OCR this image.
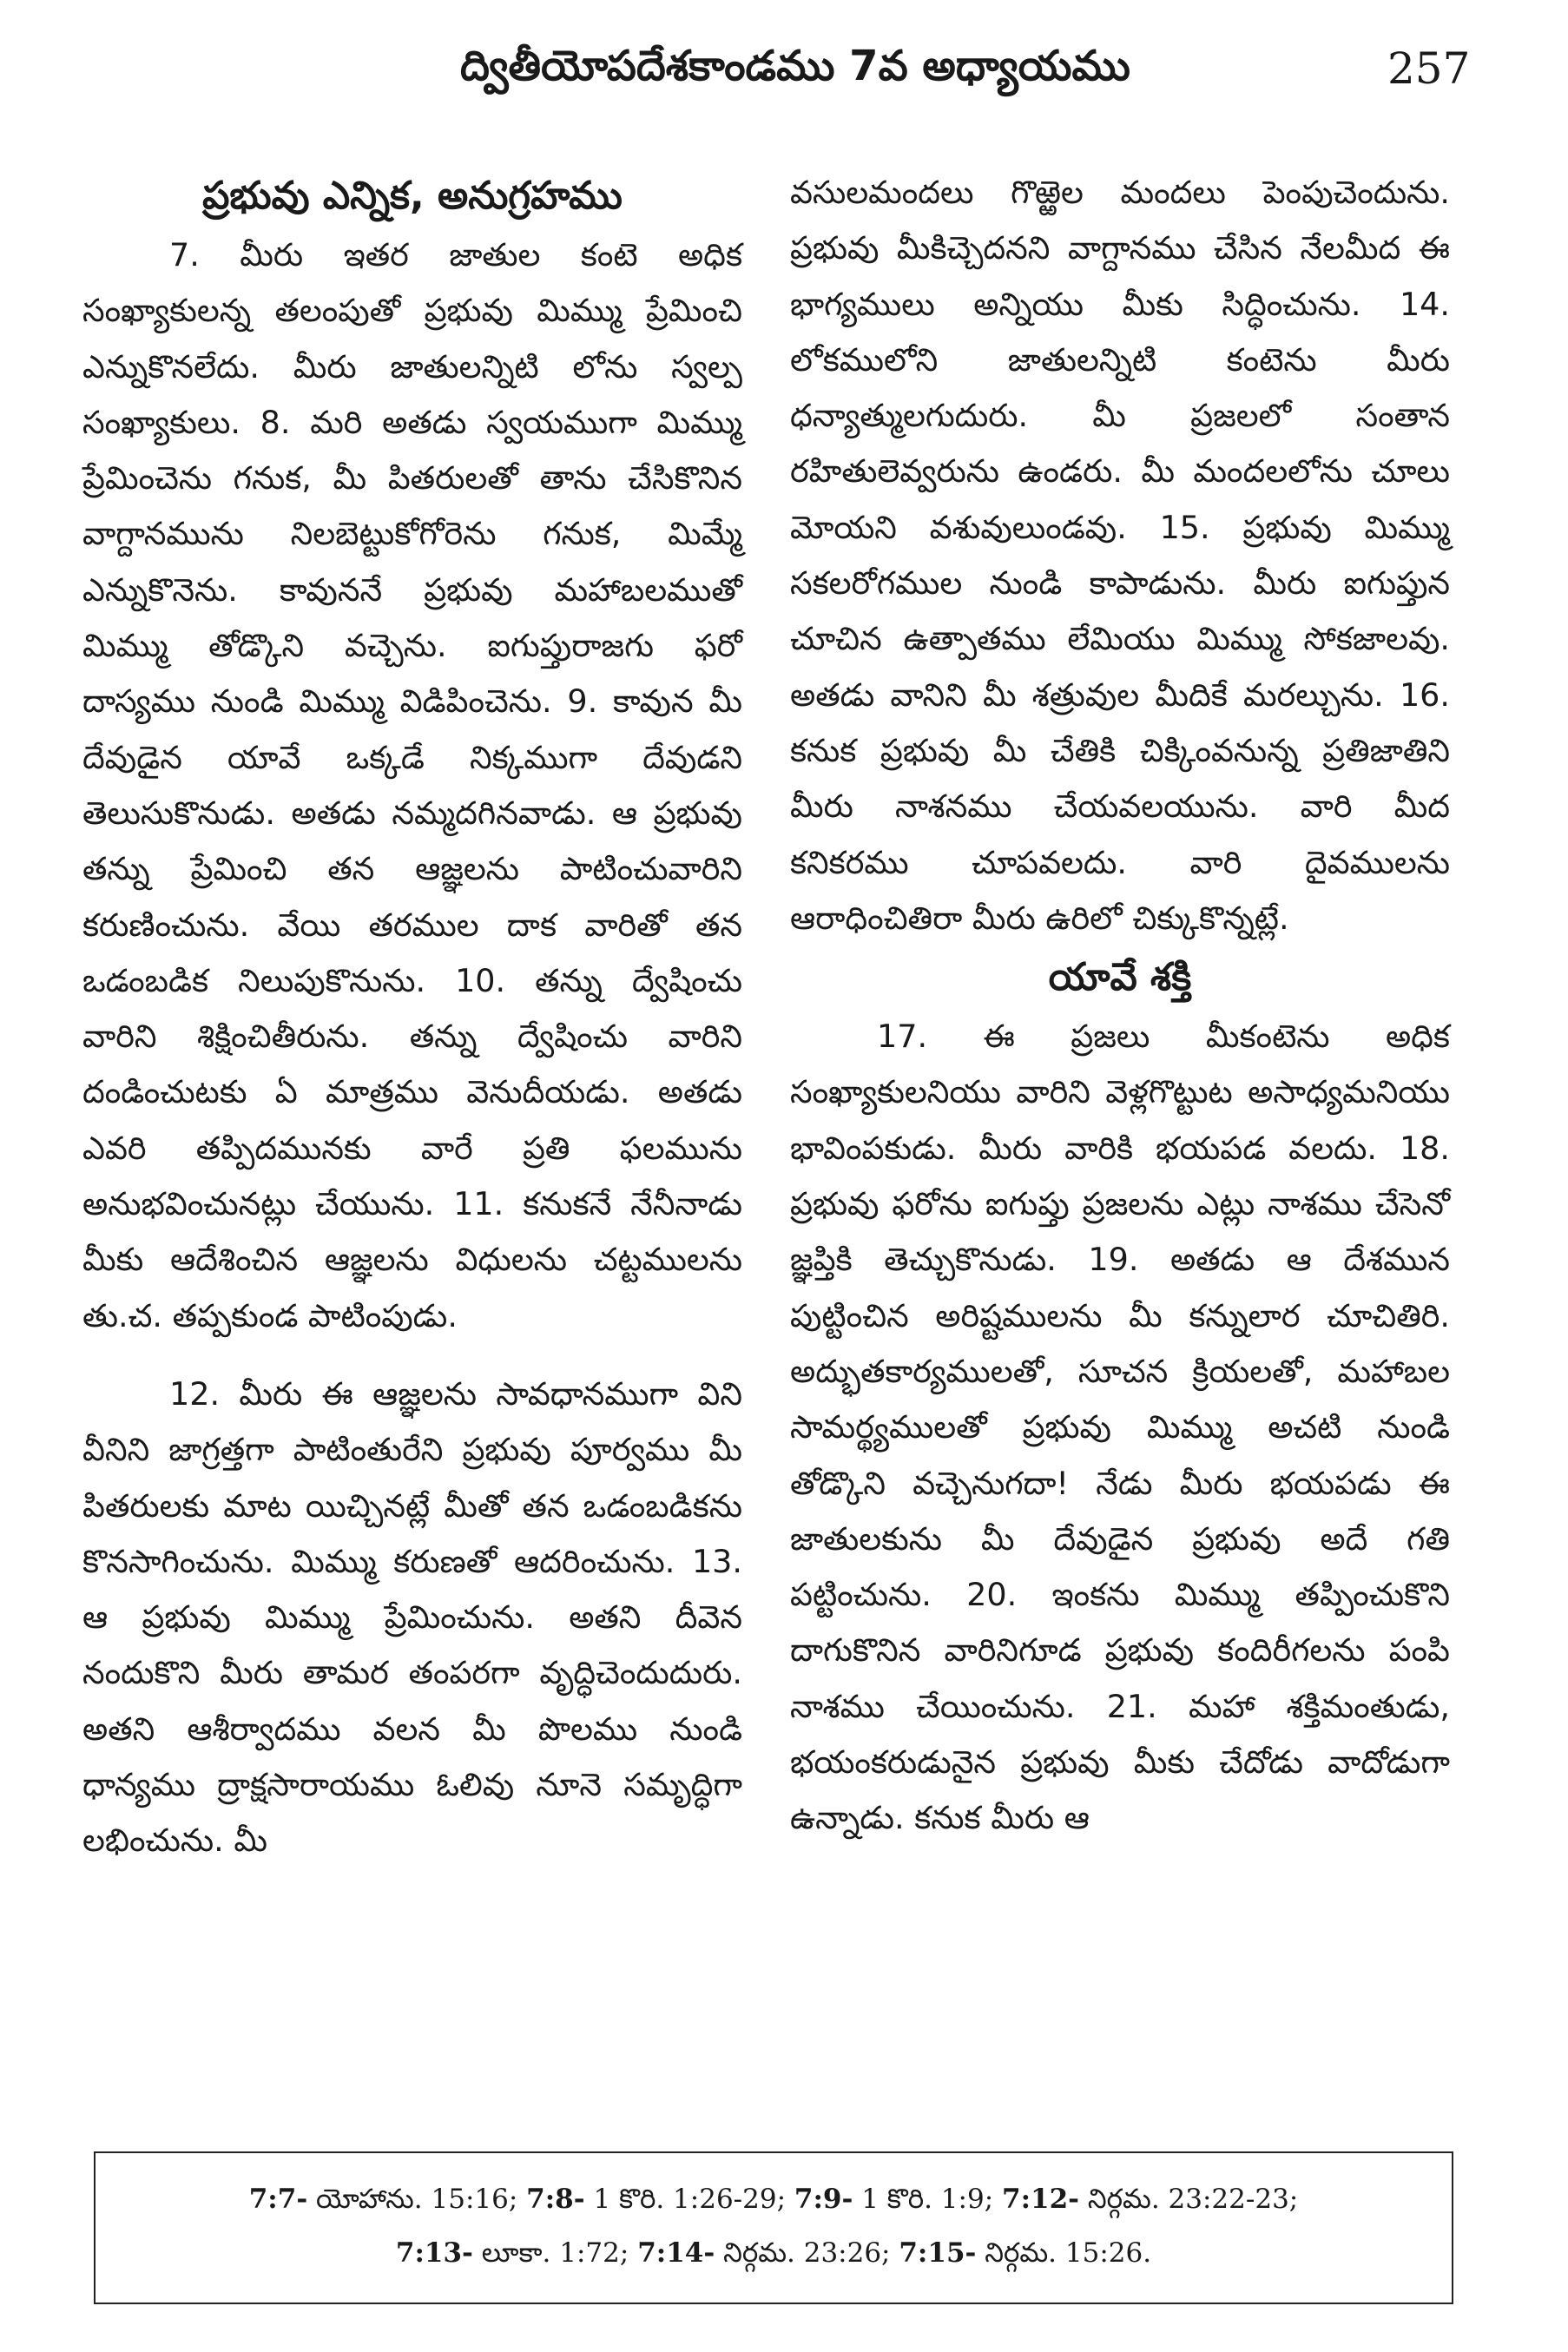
ద్వితీయోపదేశకాండము 7వ అధ్యాయము	257

ప్రభువు ఎన్నిక, అనుగ్రహము

7. మీరు ఇతర జాతుల కంటె అధిక సంఖ్యాకులన్న తలంపుతో ప్రభువు మిమ్ము ప్రేమించి ఎన్నుకొనలేదు. మీరు జాతులన్నిటి లోను స్వల్ప సంఖ్యాకులు. 8. మరి అతడు స్వయముగా మిమ్ము ప్రేమించెను గనుక, మీ పితరులతో తాను చేసికొనిన వాగ్దానమును నిలబెట్టుకోగోరెను గనుక, మిమ్మే ఎన్నుకొనెను. కావుననే ప్రభువు మహాబలముతో మిమ్ము తోడ్కొని వచ్చెను. ఐగుప్తురాజగు ఫరో దాస్యము నుండి మిమ్ము విడిపించెను. 9. కావున మీ దేవుడైన యావే ఒక్కడే నిక్కముగా దేవుడని తెలుసుకొనుడు. అతడు నమ్మదగినవాడు. ఆ ప్రభువు తన్ను ప్రేమించి తన ఆజ్ఞలను పాటించువారిని కరుణించును. వేయి తరముల దాక వారితో తన ఒడంబడిక నిలుపుకొనును. 10. తన్ను ద్వేషించు వారిని శిక్షించితీరును. తన్ను ద్వేషించు వారిని దండించుటకు ఏ మాత్రము వెనుదీయడు. అతడు ఎవరి తప్పిదమునకు వారే ప్రతి ఫలమును అనుభవించునట్లు చేయును. 11. కనుకనే నేనీనాడు మీకు ఆదేశించిన ఆజ్ఞలను విధులను చట్టములను తు.చ. తప్పకుండ పాటింపుడు.

12. మీరు ఈ ఆజ్ఞలను సావధానముగా విని వీనిని జాగ్రత్తగా పాటింతురేని ప్రభువు పూర్వము మీ పితరులకు మాట యిచ్చినట్లే మీతో తన ఒడంబడికను కొనసాగించును. మిమ్ము కరుణతో ఆదరించును. 13. ఆ ప్రభువు మిమ్ము ప్రేమించును. అతని దీవెన నందుకొని మీరు తామర తంపరగా వృద్ధిచెందుదురు. అతని ఆశీర్వాదము వలన మీ పొలము నుండి ధాన్యము ద్రాక్షసారాయము ఓలివు నూనె సమృద్ధిగా లభించును. మీ

వసులమందలు గొఱ్ఱెల మందలు పెంపుచెందును. ప్రభువు మీకిచ్చెదనని వాగ్దానము చేసిన నేలమీద ఈ భాగ్యములు అన్నియు మీకు సిద్ధించును. 14. లోకములోని జాతులన్నిటి కంటెను మీరు ధన్యాత్ములగుదురు. మీ ప్రజలలో సంతాన రహితులెవ్వరును ఉండరు. మీ మందలలోను చూలు మోయని వశువులుండవు. 15. ప్రభువు మిమ్ము సకలరోగముల నుండి కాపాడును. మీరు ఐగుప్తున చూచిన ఉత్పాతము లేమియు మిమ్ము సోకజాలవు. అతడు వానిని మీ శత్రువుల మీదికే మరల్చును. 16. కనుక ప్రభువు మీ చేతికి చిక్కింవనున్న ప్రతిజాతిని మీరు నాశనము చేయవలయును. వారి మీద కనికరము చూపవలదు. వారి దైవములను ఆరాధించితిరా మీరు ఉరిలో చిక్కుకొన్నట్లే.

యావే శక్తి

17. ఈ ప్రజలు మీకంటెను అధిక సంఖ్యాకులనియు వారిని వెళ్లగొట్టుట అసాధ్యమనియు భావింపకుడు. మీరు వారికి భయపడ వలదు. 18. ప్రభువు ఫరోను ఐగుప్తు ప్రజలను ఎట్లు నాశము చేసెనో జ్ఞప్తికి తెచ్చుకొనుడు. 19. అతడు ఆ దేశమున పుట్టించిన అరిష్టములను మీ కన్నులార చూచితిరి. అద్భుతకార్యములతో, సూచన క్రియలతో, మహాబల సామర్థ్యములతో ప్రభువు మిమ్ము అచటి నుండి తోడ్కొని వచ్చెనుగదా! నేడు మీరు భయపడు ఈ జాతులకును మీ దేవుడైన ప్రభువు అదే గతి పట్టించును. 20. ఇంకను మిమ్ము తప్పించుకొని దాగుకొనిన వారినిగూడ ప్రభువు కందిరీగలను పంపి నాశము చేయించును. 21. మహా శక్తిమంతుడు, భయంకరుడునైన ప్రభువు మీకు చేదోడు వాదోడుగా ఉన్నాడు. కనుక మీరు ఆ

7:7- యోహాను. 15:16; 7:8- 1 కొరి. 1:26-29; 7:9- 1 కొరి. 1:9; 7:12- నిర్గమ. 23:22-23;
7:13- లూకా. 1:72; 7:14- నిర్గమ. 23:26; 7:15- నిర్గమ. 15:26.
